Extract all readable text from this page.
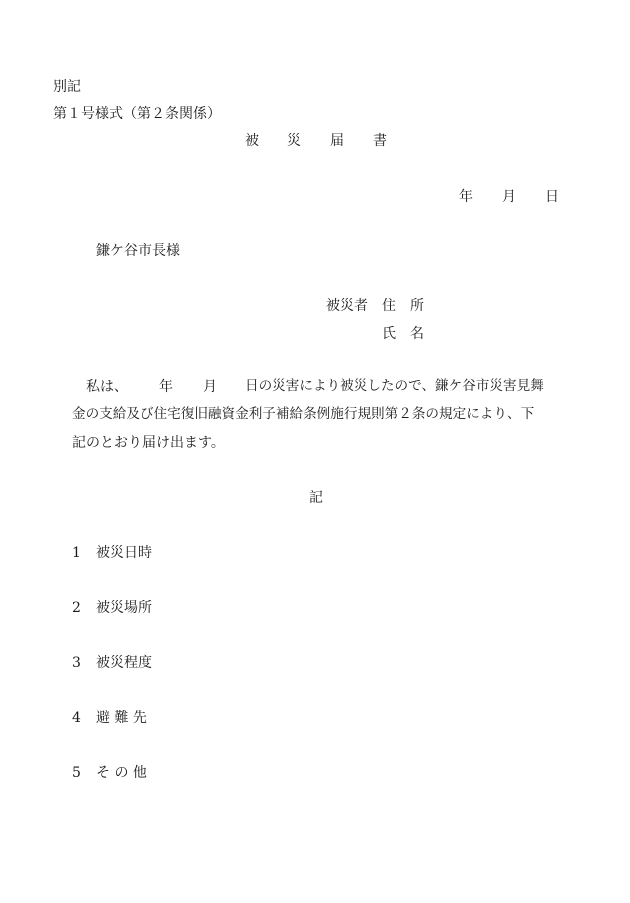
別記
第１号様式（第２条関係）
被 災 届 書
年 月 日
鎌ケ谷市長様
被災者 住 所
氏 名
私は、 年 月 日の災害により被災したので、鎌ケ谷市災害見舞
金の支給及び住宅復旧融資金利子補給条例施行規則第２条の規定により、下
記のとおり届け出ます。
記
1 被災日時
2 被災場所
3 被災程度
4 避 難 先
5 そ の 他
